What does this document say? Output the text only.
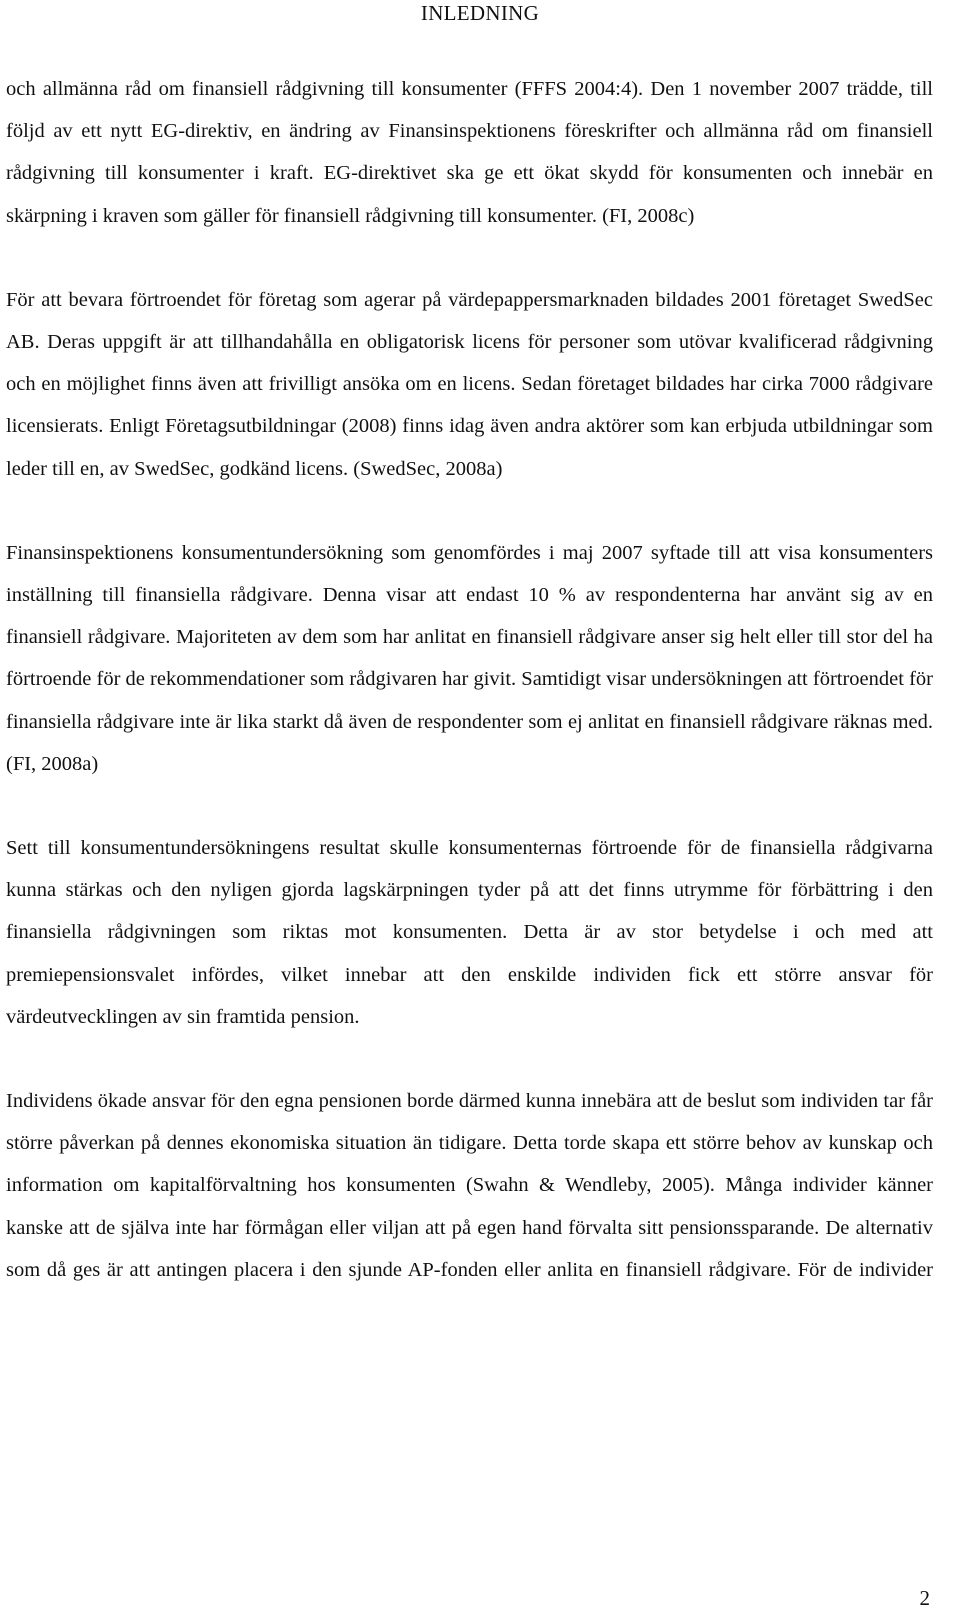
INLEDNING

och allmänna råd om finansiell rådgivning till konsumenter (FFFS 2004:4). Den 1 november 2007 trädde, till följd av ett nytt EG-direktiv, en ändring av Finansinspektionens föreskrifter och allmänna råd om finansiell rådgivning till konsumenter i kraft. EG-direktivet ska ge ett ökat skydd för konsumenten och innebär en skärpning i kraven som gäller för finansiell rådgivning till konsumenter. (FI, 2008c)

För att bevara förtroendet för företag som agerar på värdepappersmarknaden bildades 2001 företaget SwedSec AB. Deras uppgift är att tillhandahålla en obligatorisk licens för personer som utövar kvalificerad rådgivning och en möjlighet finns även att frivilligt ansöka om en licens. Sedan företaget bildades har cirka 7000 rådgivare licensierats. Enligt Företagsutbildningar (2008) finns idag även andra aktörer som kan erbjuda utbildningar som leder till en, av SwedSec, godkänd licens. (SwedSec, 2008a)

Finansinspektionens konsumentundersökning som genomfördes i maj 2007 syftade till att visa konsumenters inställning till finansiella rådgivare. Denna visar att endast 10 % av respondenterna har använt sig av en finansiell rådgivare. Majoriteten av dem som har anlitat en finansiell rådgivare anser sig helt eller till stor del ha förtroende för de rekommendationer som rådgivaren har givit. Samtidigt visar undersökningen att förtroendet för finansiella rådgivare inte är lika starkt då även de respondenter som ej anlitat en finansiell rådgivare räknas med. (FI, 2008a)

Sett till konsumentundersökningens resultat skulle konsumenternas förtroende för de finansiella rådgivarna kunna stärkas och den nyligen gjorda lagskärpningen tyder på att det finns utrymme för förbättring i den finansiella rådgivningen som riktas mot konsumenten. Detta är av stor betydelse i och med att premiepensionsvalet infördes, vilket innebar att den enskilde individen fick ett större ansvar för värdeutvecklingen av sin framtida pension.

Individens ökade ansvar för den egna pensionen borde därmed kunna innebära att de beslut som individen tar får större påverkan på dennes ekonomiska situation än tidigare. Detta torde skapa ett större behov av kunskap och information om kapitalförvaltning hos konsumenten (Swahn & Wendleby, 2005). Många individer känner kanske att de själva inte har förmågan eller viljan att på egen hand förvalta sitt pensionssparande. De alternativ som då ges är att antingen placera i den sjunde AP-fonden eller anlita en finansiell rådgivare. För de individer

2
